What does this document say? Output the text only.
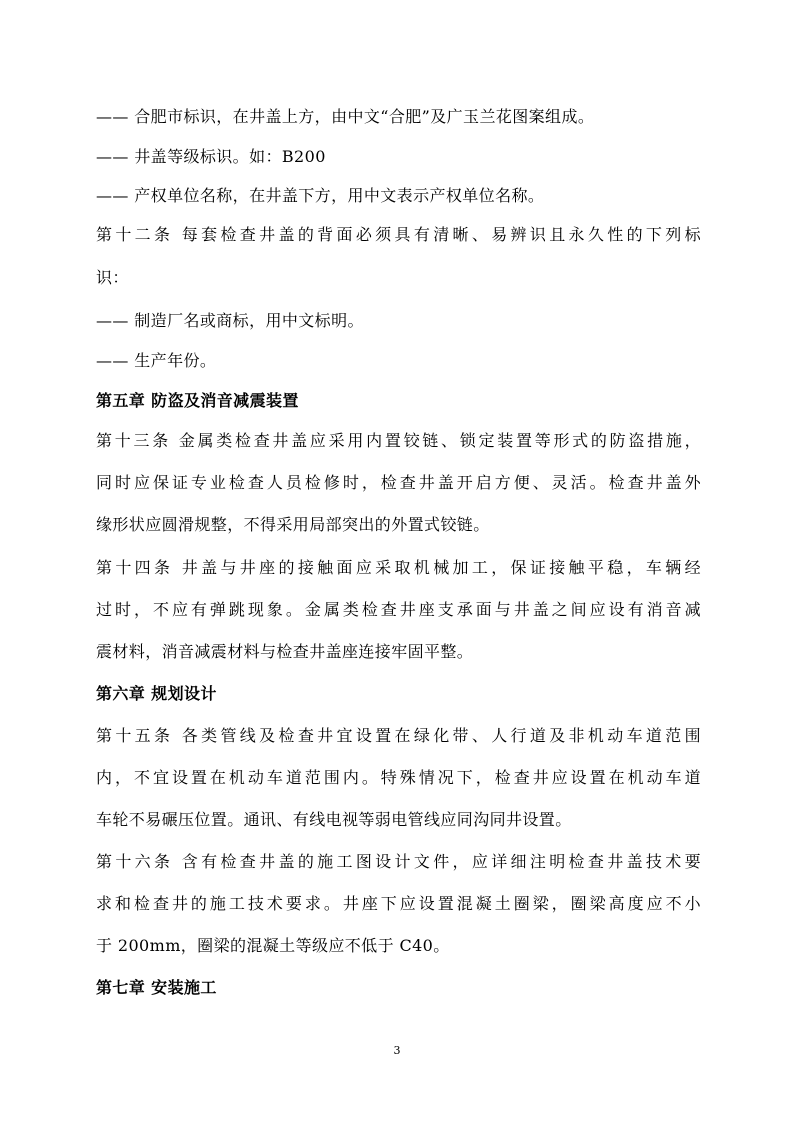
—— 合肥市标识，在井盖上方，由中文“合肥”及广玉兰花图案组成。
—— 井盖等级标识。如：B200
—— 产权单位名称，在井盖下方，用中文表示产权单位名称。
第十二条 每套检查井盖的背面必须具有清晰、易辨识且永久性的下列标
识：
—— 制造厂名或商标，用中文标明。
—— 生产年份。
第五章 防盗及消音减震装置
第十三条 金属类检查井盖应采用内置铰链、锁定装置等形式的防盗措施，
同时应保证专业检查人员检修时，检查井盖开启方便、灵活。检查井盖外
缘形状应圆滑规整，不得采用局部突出的外置式铰链。
第十四条 井盖与井座的接触面应采取机械加工，保证接触平稳，车辆经
过时，不应有弹跳现象。金属类检查井座支承面与井盖之间应设有消音减
震材料，消音减震材料与检查井盖座连接牢固平整。
第六章 规划设计
第十五条 各类管线及检查井宜设置在绿化带、人行道及非机动车道范围
内，不宜设置在机动车道范围内。特殊情况下，检查井应设置在机动车道
车轮不易碾压位置。通讯、有线电视等弱电管线应同沟同井设置。
第十六条 含有检查井盖的施工图设计文件，应详细注明检查井盖技术要
求和检查井的施工技术要求。井座下应设置混凝土圈梁，圈梁高度应不小
于 200mm，圈梁的混凝土等级应不低于 C40。
第七章 安装施工
3
